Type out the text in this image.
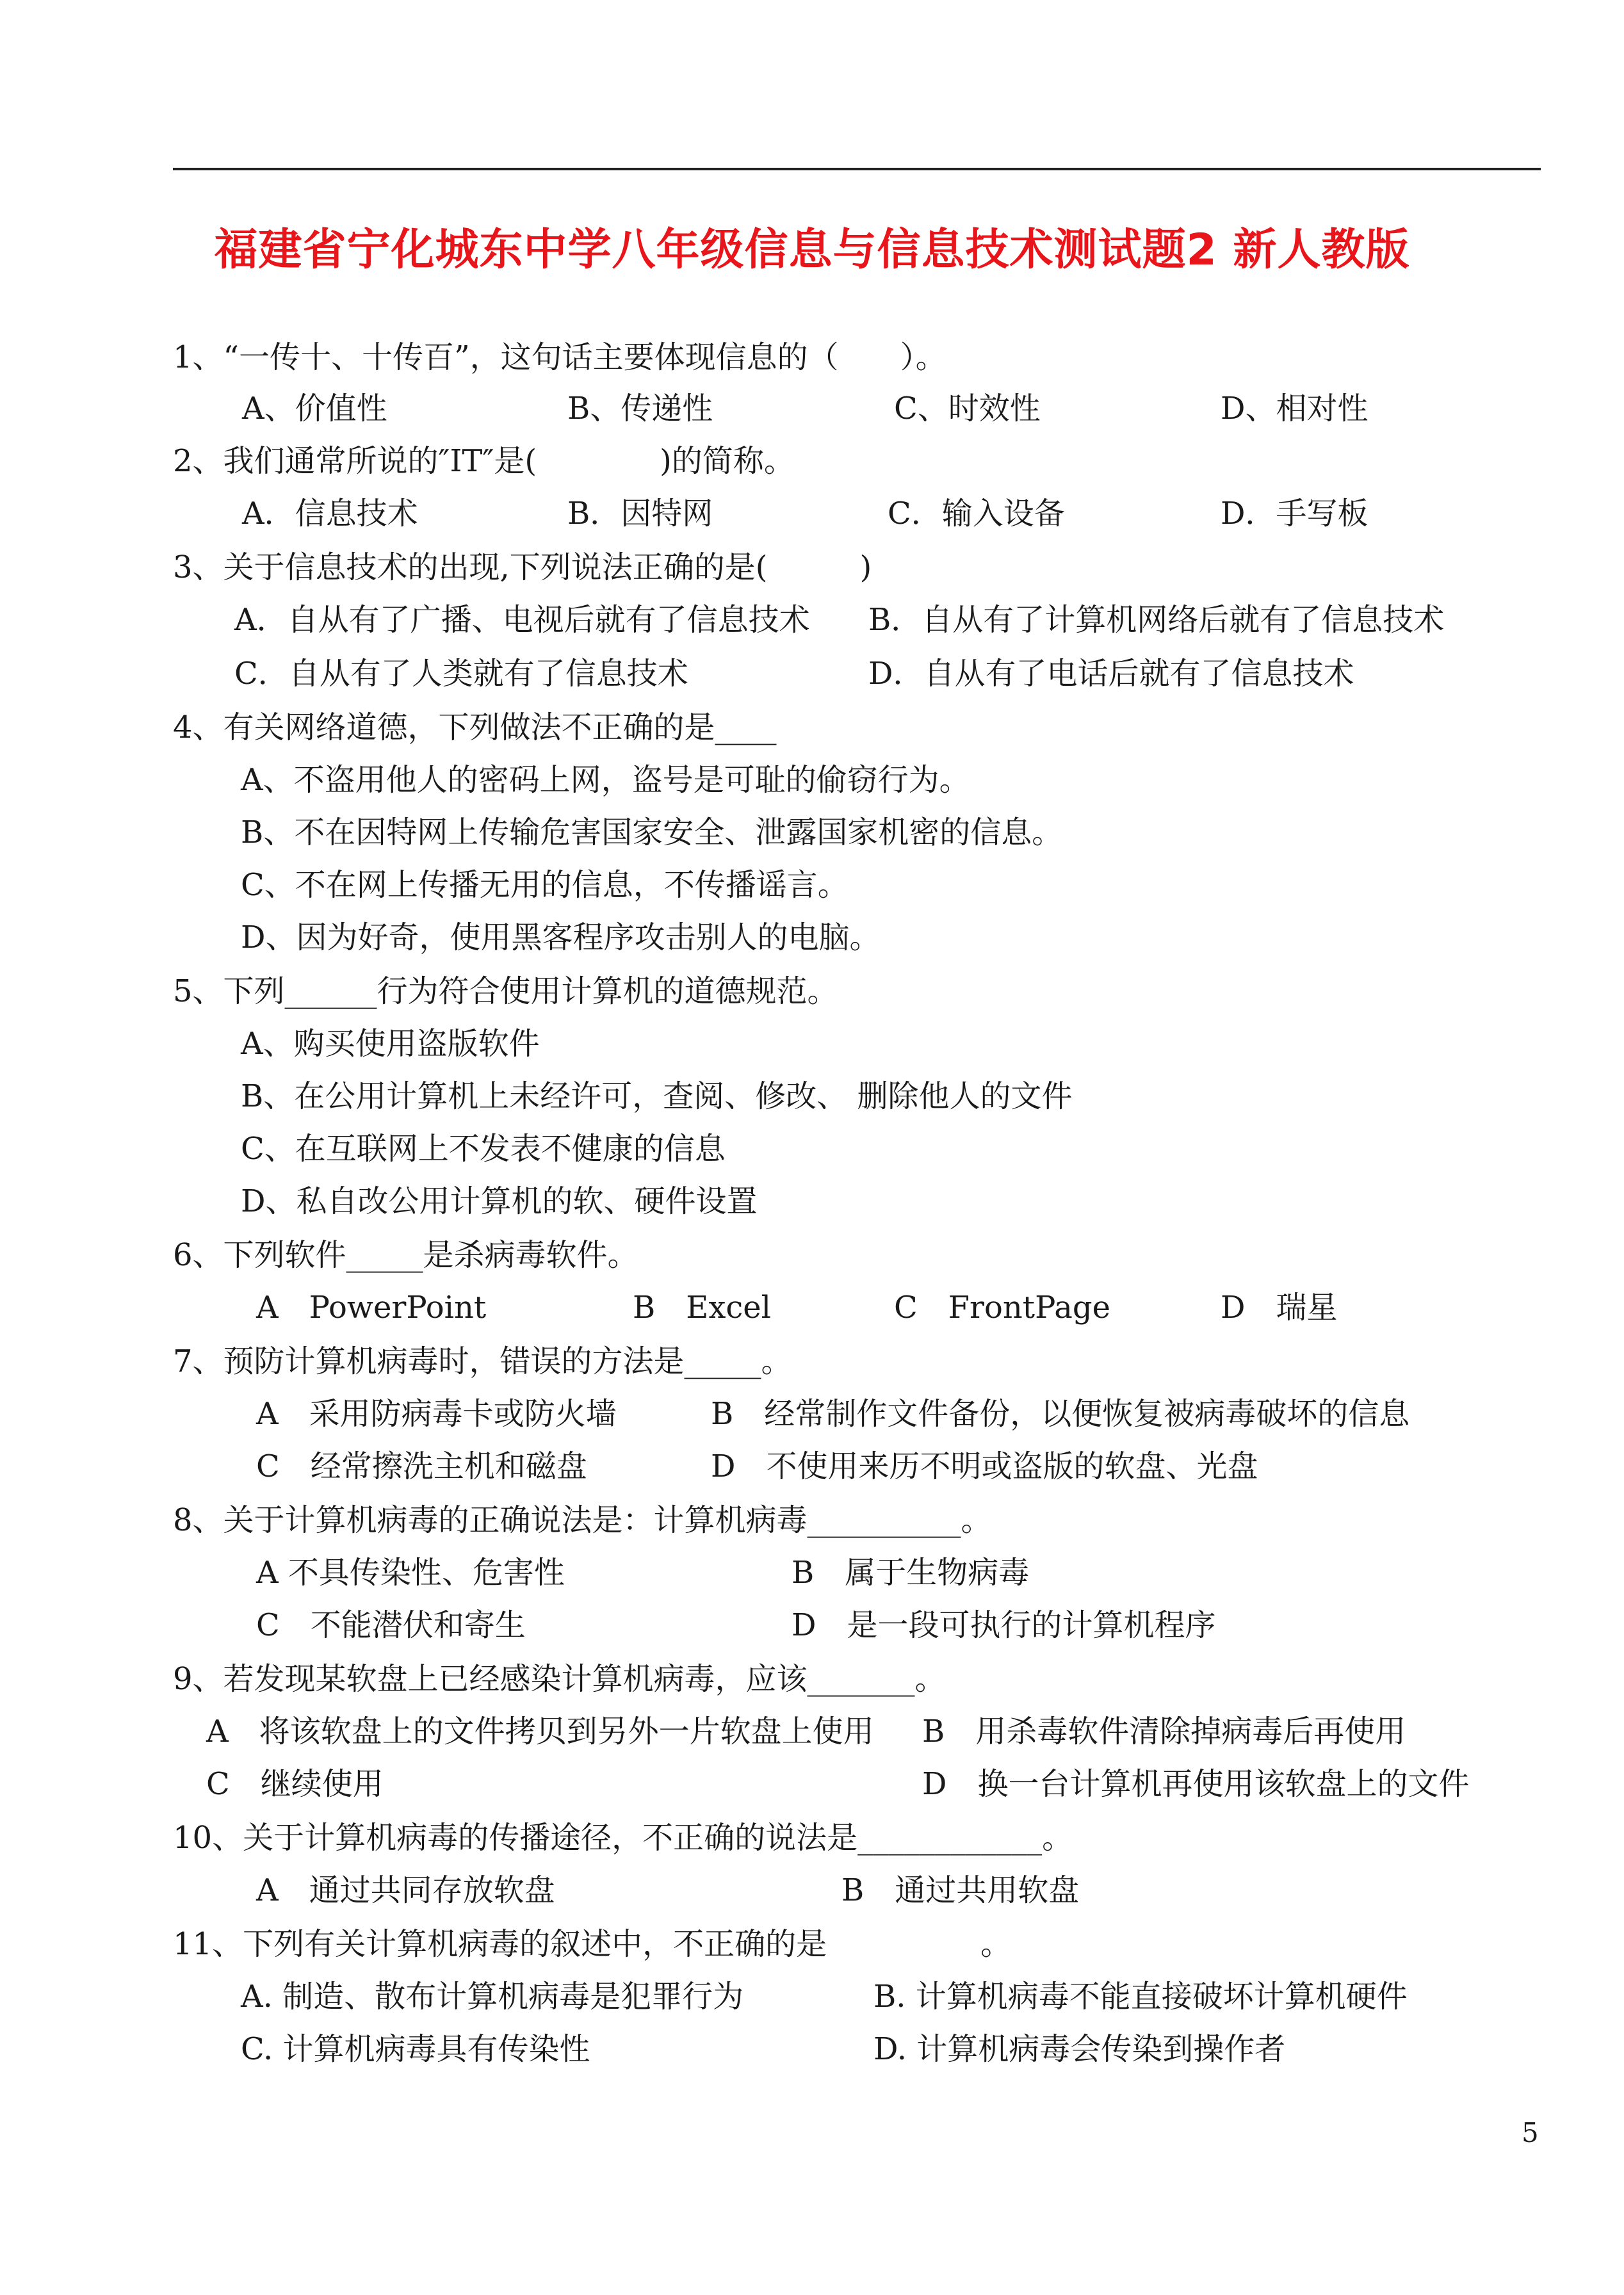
福建省宁化城东中学八年级信息与信息技术测试题2 新人教版
1、“一传十、十传百”，这句话主要体现信息的（　　）。
A、价值性	B、传递性	C、时效性	D、相对性
2、我们通常所说的″IT″是(　　　　)的简称。
A．信息技术	B．因特网	C．输入设备	D．手写板
3、关于信息技术的出现,下列说法正确的是(　　　)
A．自从有了广播、电视后就有了信息技术 B．自从有了计算机网络后就有了信息技术
C．自从有了人类就有了信息技术	D．自从有了电话后就有了信息技术
4、有关网络道德，下列做法不正确的是____
A、不盗用他人的密码上网，盗号是可耻的偷窃行为。
B、不在因特网上传输危害国家安全、泄露国家机密的信息。
C、不在网上传播无用的信息，不传播谣言。
D、因为好奇，使用黑客程序攻击别人的电脑。
5、下列______行为符合使用计算机的道德规范。
A、购买使用盗版软件
B、在公用计算机上未经许可，查阅、修改、 删除他人的文件
C、在互联网上不发表不健康的信息
D、私自改公用计算机的软、硬件设置
6、下列软件_____是杀病毒软件。
A　PowerPoint	B　Excel	C　FrontPage	D　瑞星
7、预防计算机病毒时，错误的方法是_____。
A　采用防病毒卡或防火墙	B　经常制作文件备份，以便恢复被病毒破坏的信息
C　经常擦洗主机和磁盘	D　不使用来历不明或盗版的软盘、光盘
8、关于计算机病毒的正确说法是：计算机病毒__________。
A 不具传染性、危害性	B　属于生物病毒
C　不能潜伏和寄生	D　是一段可执行的计算机程序
9、若发现某软盘上已经感染计算机病毒，应该_______。
A　将该软盘上的文件拷贝到另外一片软盘上使用 B　用杀毒软件清除掉病毒后再使用
C　继续使用	D　换一台计算机再使用该软盘上的文件
10、关于计算机病毒的传播途径，不正确的说法是____________。
A　通过共同存放软盘	B　通过共用软盘
11、下列有关计算机病毒的叙述中，不正确的是　　　　　。
A. 制造、散布计算机病毒是犯罪行为	B. 计算机病毒不能直接破坏计算机硬件
C. 计算机病毒具有传染性	D. 计算机病毒会传染到操作者
5
